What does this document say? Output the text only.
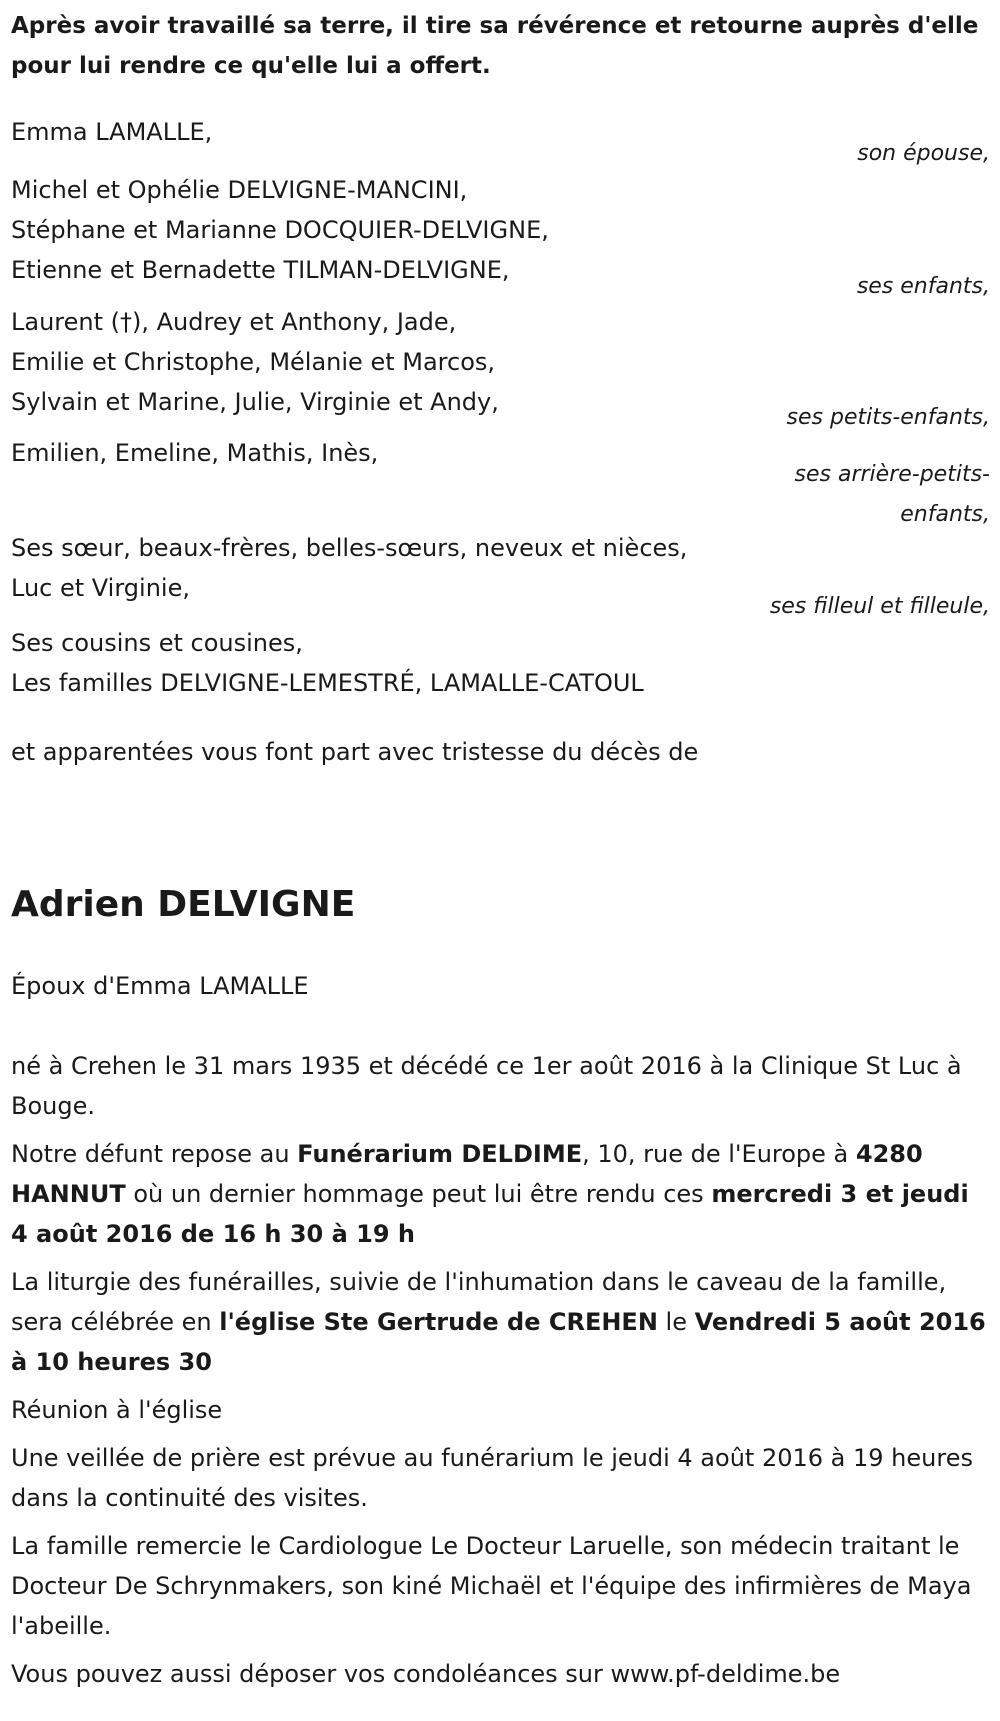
Après avoir travaillé sa terre, il tire sa révérence et retourne auprès d'elle pour lui rendre ce qu'elle lui a offert.
Emma LAMALLE,
son épouse,
Michel et Ophélie DELVIGNE-MANCINI,
Stéphane et Marianne DOCQUIER-DELVIGNE,
Etienne et Bernadette TILMAN-DELVIGNE,
ses enfants,
Laurent (†), Audrey et Anthony, Jade,
Emilie et Christophe, Mélanie et Marcos,
Sylvain et Marine, Julie, Virginie et Andy,
ses petits-enfants,
Emilien, Emeline, Mathis, Inès,
ses arrière-petits-
enfants,
Ses sœur, beaux-frères, belles-sœurs, neveux et nièces,
Luc et Virginie,
ses filleul et filleule,
Ses cousins et cousines,
Les familles DELVIGNE-LEMESTRÉ, LAMALLE-CATOUL
et apparentées vous font part avec tristesse du décès de
Adrien DELVIGNE
Époux d'Emma LAMALLE
né à Crehen le 31 mars 1935 et décédé ce 1er août 2016 à la Clinique St Luc à Bouge.
Notre défunt repose au Funérarium DELDIME, 10, rue de l'Europe à 4280 HANNUT où un dernier hommage peut lui être rendu ces mercredi 3 et jeudi 4 août 2016 de 16 h 30 à 19 h
La liturgie des funérailles, suivie de l'inhumation dans le caveau de la famille, sera célébrée en l'église Ste Gertrude de CREHEN le Vendredi 5 août 2016 à 10 heures 30
Réunion à l'église
Une veillée de prière est prévue au funérarium le jeudi 4 août 2016 à 19 heures dans la continuité des visites.
La famille remercie le Cardiologue Le Docteur Laruelle, son médecin traitant le Docteur De Schrynmakers, son kiné Michaël et l'équipe des infirmières de Maya l'abeille.
Vous pouvez aussi déposer vos condoléances sur www.pf-deldime.be
